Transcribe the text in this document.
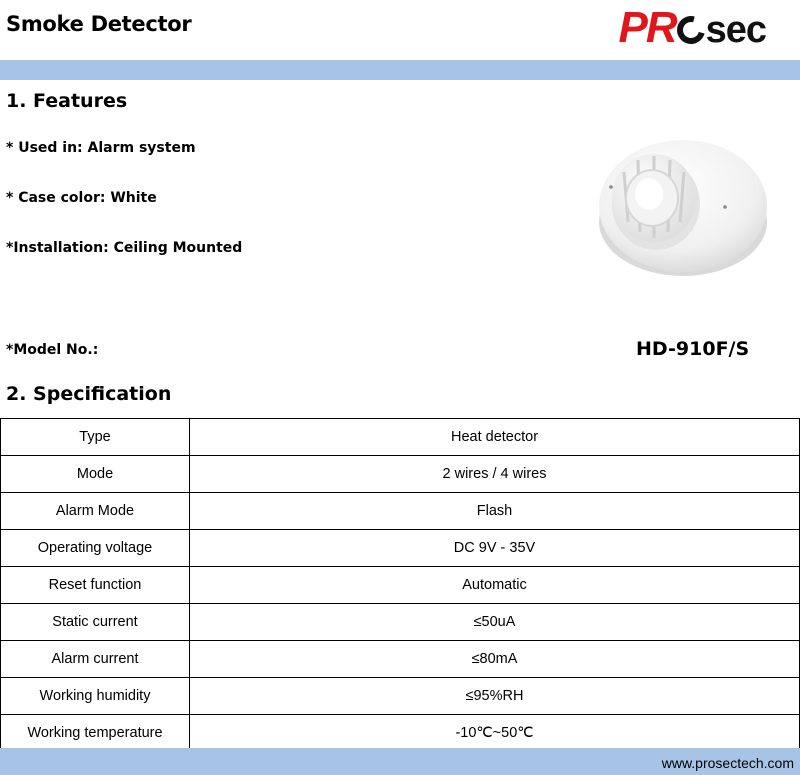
Smoke Detector	PR sec
1. Features
* Used in: Alarm system
* Case color: White
*Installation: Ceiling Mounted
*Model No.:	HD-910F/S
2. Specification
Type	Heat detector
Mode	2 wires / 4 wires
Alarm Mode	Flash
Operating voltage	DC 9V - 35V
Reset function	Automatic
Static current	≤50uA
Alarm current	≤80mA
Working humidity	≤95%RH
Working temperature	-10℃~50℃
www.prosectech.com
